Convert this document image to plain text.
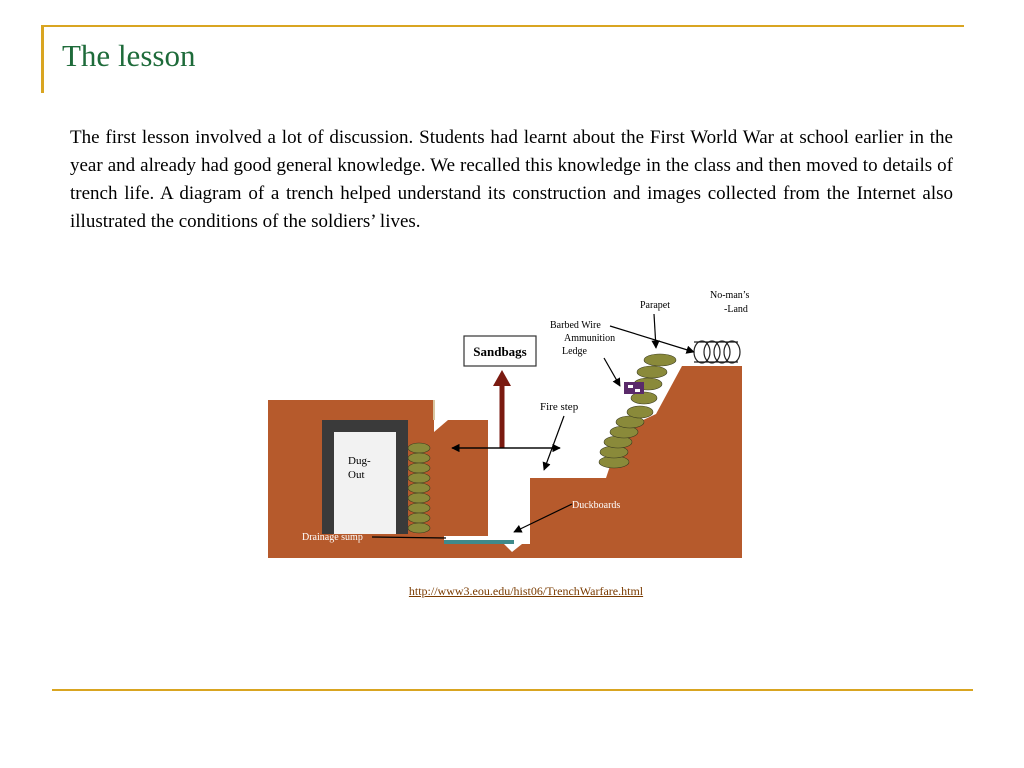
The lesson

The first lesson involved a lot of discussion. Students had learnt about the First World War at school earlier in the year and already had good general knowledge. We recalled this knowledge in the class and then moved to details of trench life. A diagram of a trench helped understand its construction and images collected from the Internet also illustrated the conditions of the soldiers’ lives.

Sandbags
Fire step
Barbed Wire
Ammunition
Ledge
Parapet
No-man’s
-Land
Dug-
Out
Duckboards
Drainage sump
http://www3.eou.edu/hist06/TrenchWarfare.html
